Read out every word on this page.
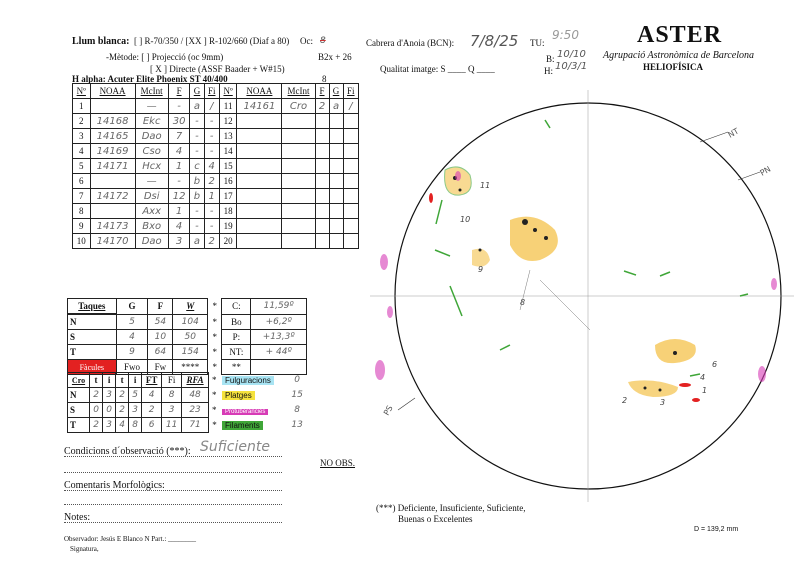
Llum blanca: [ ] R-70/350 / [XX ] R-102/660 (Diaf a 80) Oc: 8
-Mètode: [ ] Projecció (oc 9mm)	B2x + 26
[ X ] Directe (ASSF Baader + W#15)
H alpha: Acuter Elite Phoenix ST 40/400	8
Cabrera d'Anoia (BCN): 7/8/25 TU:
9:50
B: 10/10
H: 10/3/1
Qualitat imatge: S ____ Q ____
ASTER
Agrupació Astronòmica de Barcelona
HELIOFÍSICA
Nº	NOAA	McInt	F	G	Fi	Nº	NOAA	McInt	F	G	Fi
1		—	-	a	/	11	14161	Cro	2	a	/
2	14168	Ekc	30	-	-	12					
3	14165	Dao	7	-	-	13					
4	14169	Cso	4	-	-	14					
5	14171	Hcx	1	c	4	15					
6		—	-	b	2	16					
7	14172	Dsi	12	b	1	17					
8		Axx	1	-	-	18					
9	14173	Bxo	4	-	-	19					
10	14170	Dao	3	a	2	20					
Taques	G	F	W	*	C:	11,59º
N	5	54	104	*	Bo	+6,2º
S	4	10	50	*	P:	+13,3º
T	9	64	154	*	NT:	+ 44º
Fàcules	Fwo	Fw	****	*	**	
Cro	t	i	t	i	FT	Fi	RFA	*	Fulguracions	0
N	2	3	2	5	4	8	48	*	Platges	15
S	0	0	2	3	2	3	23	*	Protuberàncies	8
T	2	3	4	8	6	11	71	*	Filaments	13
Condicions d´observació (***): Suficiente
NO OBS.
Comentaris Morfològics:
Notes:
Observador: Jesús E Blanco N Part.: ________
Signatura,
(***) Deficiente, Insuficiente, Suficiente,
Buenas o Excelentes
D = 139,2 mm
NT
PN
PS
11
10
9
8
2	3
6
4
1
